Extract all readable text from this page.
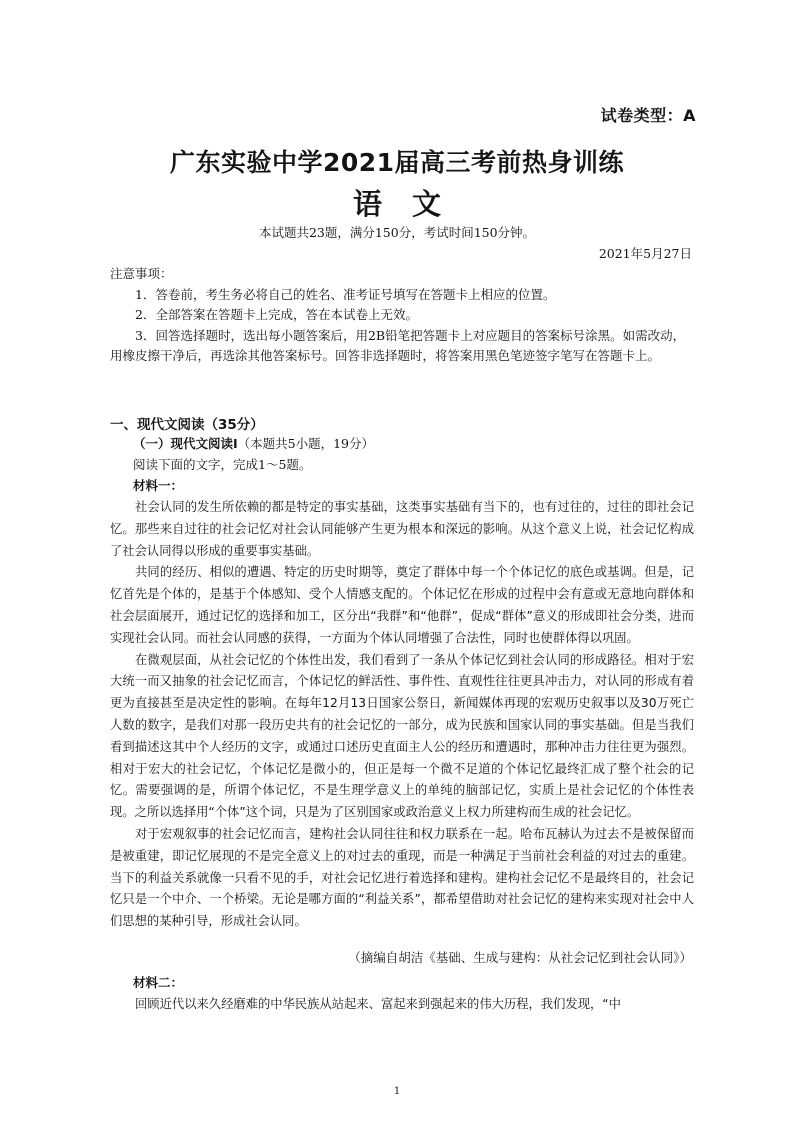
试卷类型：A
广东实验中学2021届高三考前热身训练
语文
本试题共23题，满分150分，考试时间150分钟。
2021年5月27日

注意事项：

1．答卷前，考生务必将自己的姓名、准考证号填写在答题卡上相应的位置。

2．全部答案在答题卡上完成，答在本试卷上无效。

3．回答选择题时，选出每小题答案后，用2B铅笔把答题卡上对应题目的答案标号涂黑。如需改动，用橡皮擦干净后，再选涂其他答案标号。回答非选择题时，将答案用黑色笔迹签字笔写在答题卡上。

一、现代文阅读（35分）
（一）现代文阅读Ⅰ（本题共5小题，19分）
阅读下面的文字，完成1～5题。
材料一：

社会认同的发生所依赖的都是特定的事实基础，这类事实基础有当下的，也有过往的，过往的即社会记忆。那些来自过往的社会记忆对社会认同能够产生更为根本和深远的影响。从这个意义上说，社会记忆构成了社会认同得以形成的重要事实基础。

共同的经历、相似的遭遇、特定的历史时期等，奠定了群体中每一个个体记忆的底色或基调。但是，记忆首先是个体的，是基于个体感知、受个人情感支配的。个体记忆在形成的过程中会有意或无意地向群体和社会层面展开，通过记忆的选择和加工，区分出“我群”和“他群”，促成“群体”意义的形成即社会分类，进而实现社会认同。而社会认同感的获得，一方面为个体认同增强了合法性，同时也使群体得以巩固。

在微观层面，从社会记忆的个体性出发，我们看到了一条从个体记忆到社会认同的形成路径。相对于宏大统一而又抽象的社会记忆而言，个体记忆的鲜活性、事件性、直观性往往更具冲击力，对认同的形成有着更为直接甚至是决定性的影响。在每年12月13日国家公祭日，新闻媒体再现的宏观历史叙事以及30万死亡人数的数字，是我们对那一段历史共有的社会记忆的一部分，成为民族和国家认同的事实基础。但是当我们看到描述这其中个人经历的文字，或通过口述历史直面主人公的经历和遭遇时，那种冲击力往往更为强烈。相对于宏大的社会记忆，个体记忆是微小的，但正是每一个微不足道的个体记忆最终汇成了整个社会的记忆。需要强调的是，所谓个体记忆，不是生理学意义上的单纯的脑部记忆，实质上是社会记忆的个体性表现。之所以选择用“个体”这个词，只是为了区别国家或政治意义上权力所建构而生成的社会记忆。

对于宏观叙事的社会记忆而言，建构社会认同往往和权力联系在一起。哈布瓦赫认为过去不是被保留而是被重建，即记忆展现的不是完全意义上的对过去的重现，而是一种满足于当前社会利益的对过去的重建。当下的利益关系就像一只看不见的手，对社会记忆进行着选择和建构。建构社会记忆不是最终目的，社会记忆只是一个中介、一个桥梁。无论是哪方面的“利益关系”，都希望借助对社会记忆的建构来实现对社会中人们思想的某种引导，形成社会认同。

（摘编自胡洁《基础、生成与建构：从社会记忆到社会认同》）
材料二：

回顾近代以来久经磨难的中华民族从站起来、富起来到强起来的伟大历程，我们发现，“中

1
